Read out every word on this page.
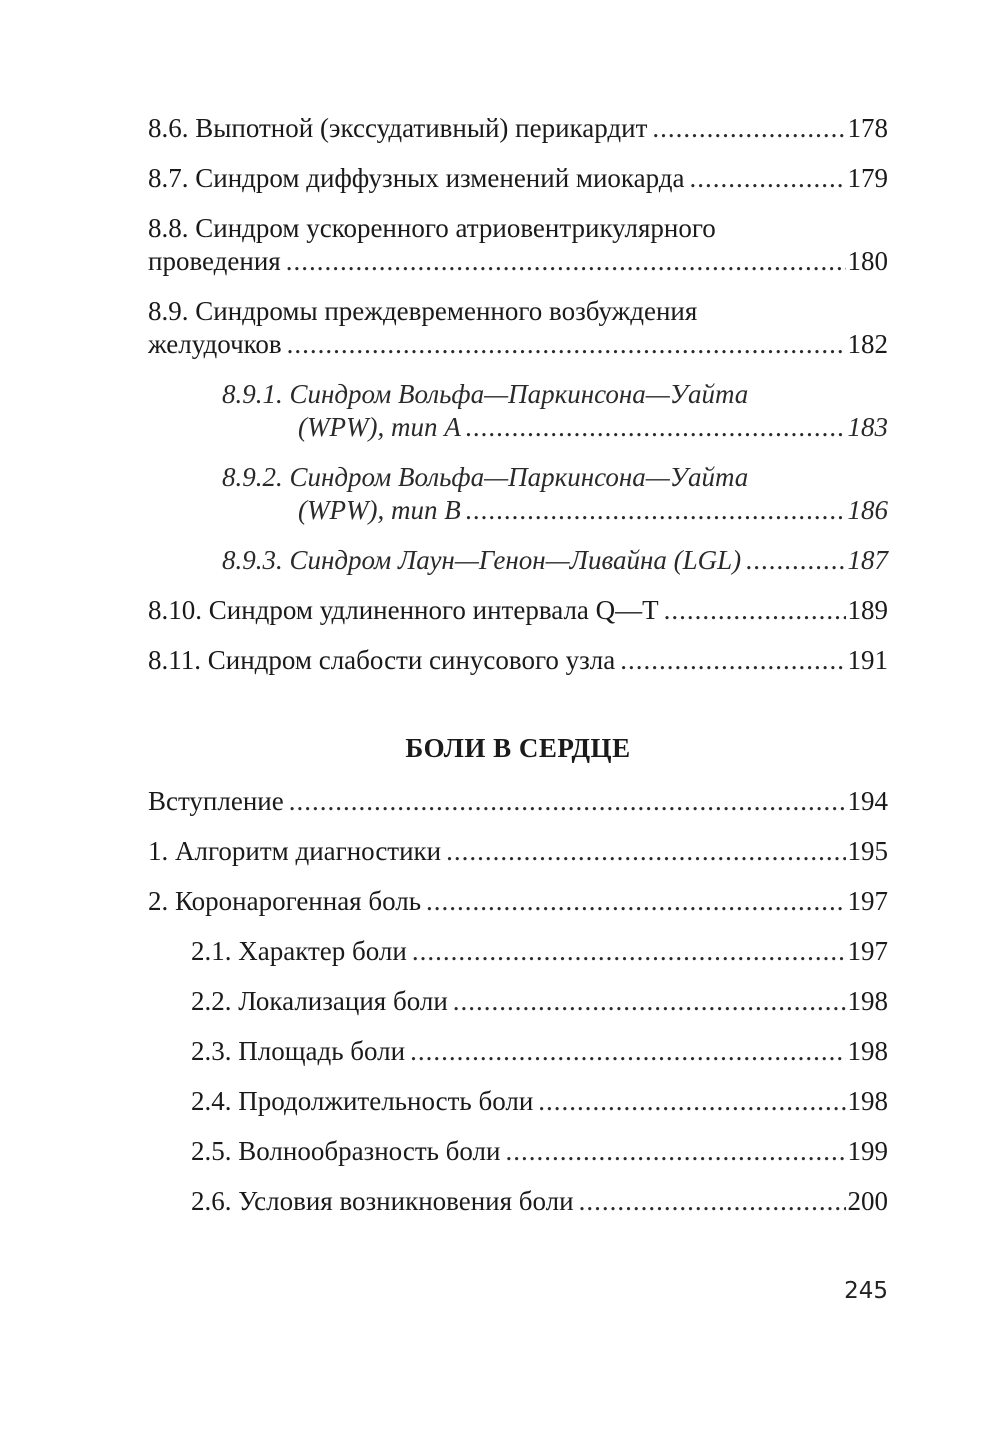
8.6. Выпотной (экссудативный) перикардит .....	178
8.7. Синдром диффузных изменений миокарда .....	179
8.8. Синдром ускоренного атриовентрикулярного
проведения .....	180
8.9. Синдромы преждевременного возбуждения
желудочков .....	182
8.9.1. Синдром Вольфа—Паркинсона—Уайта
(WPW), тип A .....	183
8.9.2. Синдром Вольфа—Паркинсона—Уайта
(WPW), тип B .....	186
8.9.3. Синдром Лаун—Генон—Ливайна (LGL) .....	187
8.10. Синдром удлиненного интервала Q—T .....	189
8.11. Синдром слабости синусового узла .....	191
БОЛИ В СЕРДЦЕ
Вступление .....	194
1. Алгоритм диагностики .....	195
2. Коронарогенная боль .....	197
2.1. Характер боли .....	197
2.2. Локализация боли .....	198
2.3. Площадь боли .....	198
2.4. Продолжительность боли .....	198
2.5. Волнообразность боли .....	199
2.6. Условия возникновения боли .....	200
245
